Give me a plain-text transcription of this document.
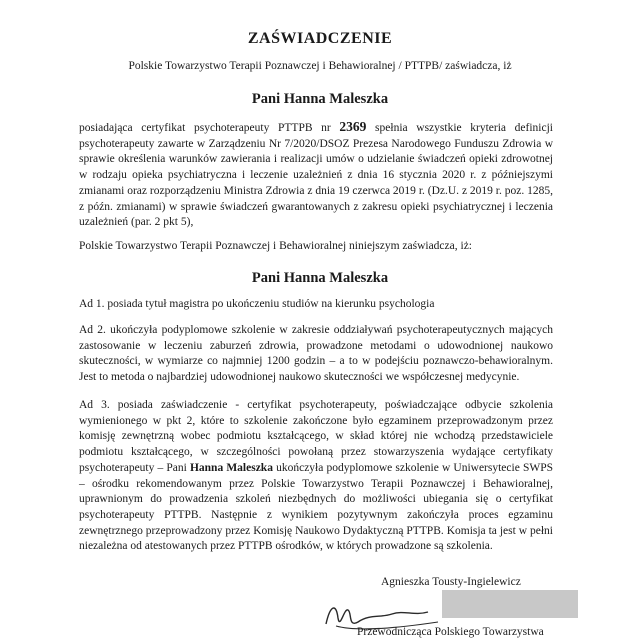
ZAŚWIADCZENIE
Polskie Towarzystwo Terapii Poznawczej i Behawioralnej / PTTPB/ zaświadcza, iż
Pani Hanna Maleszka
posiadająca certyfikat psychoterapeuty PTTPB nr 2369 spełnia wszystkie kryteria definicji psychoterapeuty zawarte w Zarządzeniu Nr 7/2020/DSOZ Prezesa Narodowego Funduszu Zdrowia w sprawie określenia warunków zawierania i realizacji umów o udzielanie świadczeń opieki zdrowotnej w rodzaju opieka psychiatryczna i leczenie uzależnień z dnia 16 stycznia 2020 r. z późniejszymi zmianami oraz rozporządzeniu Ministra Zdrowia z dnia 19 czerwca 2019 r. (Dz.U. z 2019 r. poz. 1285, z późn. zmianami) w sprawie świadczeń gwarantowanych z zakresu opieki psychiatrycznej i leczenia uzależnień (par. 2 pkt 5),
Polskie Towarzystwo Terapii Poznawczej i Behawioralnej niniejszym zaświadcza, iż:
Pani Hanna Maleszka
Ad 1. posiada tytuł magistra po ukończeniu studiów na kierunku psychologia
Ad 2. ukończyła podyplomowe szkolenie w zakresie oddziaływań psychoterapeutycznych mających zastosowanie w leczeniu zaburzeń zdrowia, prowadzone metodami o udowodnionej naukowo skuteczności, w wymiarze co najmniej 1200 godzin – a to w podejściu poznawczo-behawioralnym. Jest to metoda o najbardziej udowodnionej naukowo skuteczności we współczesnej medycynie.
Ad 3. posiada zaświadczenie - certyfikat psychoterapeuty, poświadczające odbycie szkolenia wymienionego w pkt 2, które to szkolenie zakończone było egzaminem przeprowadzonym przez komisję zewnętrzną wobec podmiotu kształcącego, w skład której nie wchodzą przedstawiciele podmiotu kształcącego, w szczególności powołaną przez stowarzyszenia wydające certyfikaty psychoterapeuty – Pani Hanna Maleszka ukończyła podyplomowe szkolenie w Uniwersytecie SWPS – ośrodku rekomendowanym przez Polskie Towarzystwo Terapii Poznawczej i Behawioralnej, uprawnionym do prowadzenia szkoleń niezbędnych do możliwości ubiegania się o certyfikat psychoterapeuty PTTPB. Następnie z wynikiem pozytywnym zakończyła proces egzaminu zewnętrznego przeprowadzony przez Komisję Naukowo Dydaktyczną PTTPB. Komisja ta jest w pełni niezależna od atestowanych przez PTTPB ośrodków, w których prowadzone są szkolenia.
Agnieszka Tousty-Ingielewicz
Przewodnicząca Polskiego Towarzystwa
